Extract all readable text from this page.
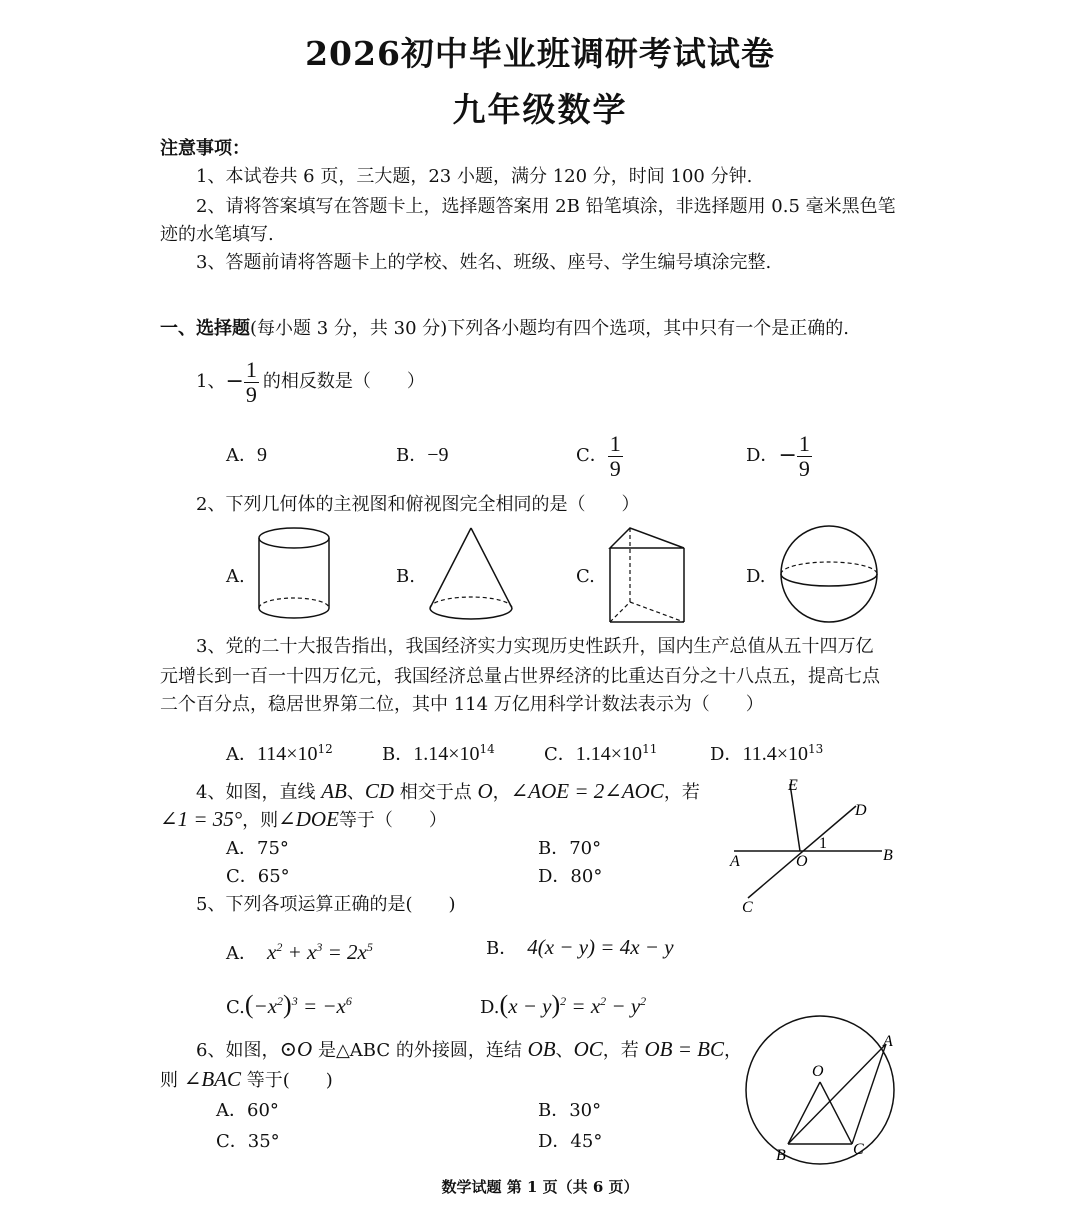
2026初中毕业班调研考试试卷
九年级数学
注意事项：
1、本试卷共 6 页，三大题，23 小题，满分 120 分，时间 100 分钟.
2、请将答案填写在答题卡上，选择题答案用 2B 铅笔填涂，非选择题用 0.5 毫米黑色笔
迹的水笔填写.
3、答题前请将答题卡上的学校、姓名、班级、座号、学生编号填涂完整.
一、选择题(每小题 3 分，共 30 分)下列各小题均有四个选项，其中只有一个是正确的.
1、 − $\frac{1}{9}$ 的相反数是（　　）
A．9	B．−9	C． $\frac{1}{9}$	D． − $\frac{1}{9}$
2、下列几何体的主视图和俯视图完全相同的是（　　）
A.	B.	C.	D.
3、党的二十大报告指出，我国经济实力实现历史性跃升，国内生产总值从五十四万亿
元增长到一百一十四万亿元，我国经济总量占世界经济的比重达百分之十八点五，提高七点
二个百分点，稳居世界第二位，其中 114 万亿用科学计数法表示为（　　）
A．$114\times 10^{12}$	B．$1.14\times 10^{14}$	C．$1.14\times 10^{11}$	D．$11.4\times 10^{13}$
4、如图，直线 AB、CD 相交于点 O，∠AOE = 2∠AOC，若
∠1 = 35°，则∠DOE等于（　　）
A．75°	B．70°
C．65°	D．80°
E
D
A	O
1
B
C
5、下列各项运算正确的是(　　)
A． $x^2 + x^3 = 2x^5$	B． 4(x − y) = 4x − y
C. $(-x^2)^3 = -x^6$	D. $(x - y)^2 = x^2 - y^2$
6、如图，⊙O 是△ABC 的外接圆，连结 OB、OC，若 OB = BC，
则 ∠BAC 等于(　　)
A．60°	B．30°
C．35°	D．45°
O
A
B	C
数学试题 第 1 页（共 6 页）
